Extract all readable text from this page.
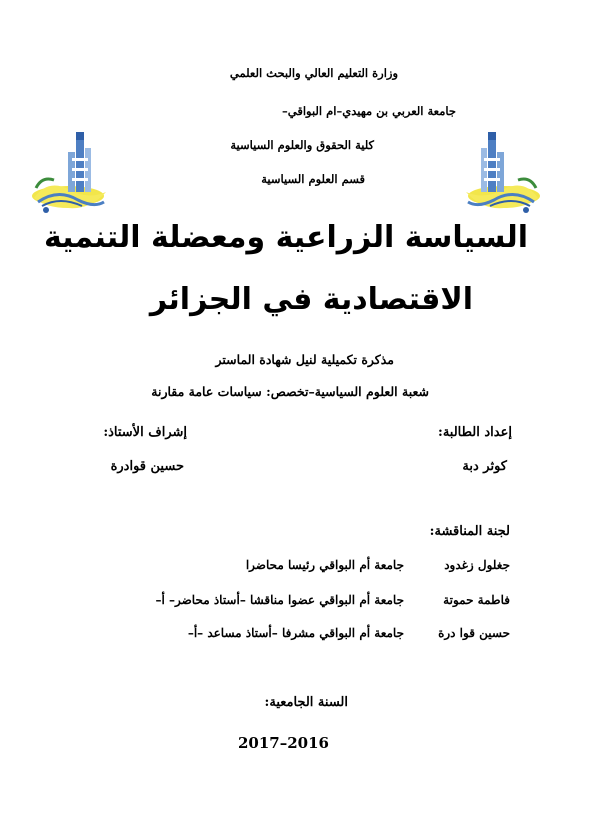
وزارة التعليم العالي والبحث العلمي
جامعة العربي بن مهيدي–ام البواقي–
كلية الحقوق والعلوم السياسية
قسم العلوم السياسية
السياسة الزراعية ومعضلة التنمية
الاقتصادية في الجزائر
مذكرة تكميلية لنيل شهادة الماستر
شعبة العلوم السياسية–تخصص: سياسات عامة مقارنة
إعداد الطالبة:
إشراف الأستاذ:
كوثر دبة
حسين قوادرة
لجنة المناقشة:
جغلول زغدود
جامعة أم البواقي رئيسا محاضرا
فاطمة حموتة
جامعة أم البواقي عضوا مناقشا –أستاذ محاضر– أ–
حسين قوا درة
جامعة أم البواقي مشرفا –أستاذ مساعد –أ–
السنة الجامعية:
2017–2016
